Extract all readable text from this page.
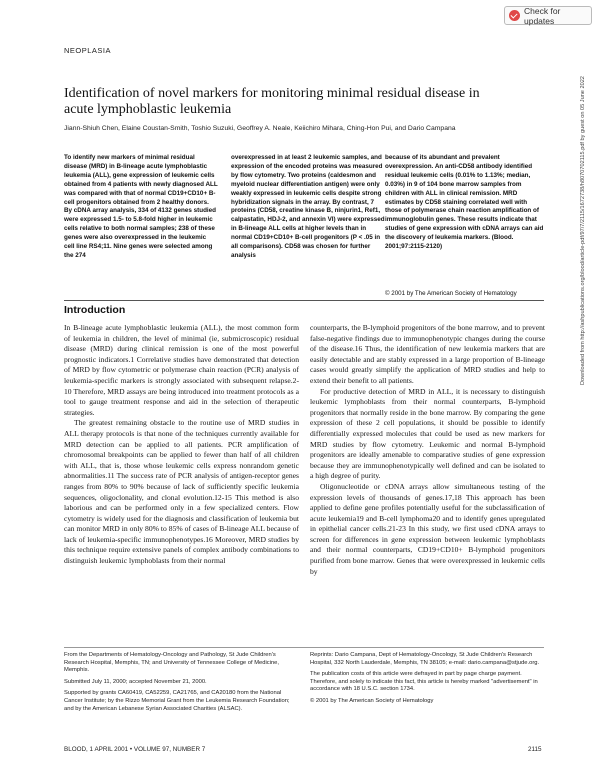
Check for updates
NEOPLASIA
Identification of novel markers for monitoring minimal residual disease in acute lymphoblastic leukemia
Jiann-Shiuh Chen, Elaine Coustan-Smith, Toshio Suzuki, Geoffrey A. Neale, Keiichiro Mihara, Ching-Hon Pui, and Dario Campana
To identify new markers of minimal residual disease (MRD) in B-lineage acute lymphoblastic leukemia (ALL), gene expression of leukemic cells obtained from 4 patients with newly diagnosed ALL was compared with that of normal CD19+CD10+ B-cell progenitors obtained from 2 healthy donors. By cDNA array analysis, 334 of 4132 genes studied were expressed 1.5- to 5.8-fold higher in leukemic cells relative to both normal samples; 238 of these genes were also overexpressed in the leukemic cell line RS4;11. Nine genes were selected among the 274
overexpressed in at least 2 leukemic samples, and expression of the encoded proteins was measured by flow cytometry. Two proteins (caldesmon and myeloid nuclear differentiation antigen) were only weakly expressed in leukemic cells despite strong hybridization signals in the array. By contrast, 7 proteins (CD58, creatine kinase B, ninjurin1, Ref1, calpastatin, HDJ-2, and annexin VI) were expressed in B-lineage ALL cells at higher levels than in normal CD19+CD10+ B-cell progenitors (P < .05 in all comparisons). CD58 was chosen for further analysis
because of its abundant and prevalent overexpression. An anti-CD58 antibody identified residual leukemic cells (0.01% to 1.13%; median, 0.03%) in 9 of 104 bone marrow samples from children with ALL in clinical remission. MRD estimates by CD58 staining correlated well with those of polymerase chain reaction amplification of immunoglobulin genes. These results indicate that studies of gene expression with cDNA arrays can aid the discovery of leukemia markers. (Blood. 2001;97:2115-2120)
© 2001 by The American Society of Hematology
Introduction

In B-lineage acute lymphoblastic leukemia (ALL), the most common form of leukemia in children, the level of minimal (ie, submicroscopic) residual disease (MRD) during clinical remission is one of the most powerful prognostic indicators.1 Correlative studies have demonstrated that detection of MRD by flow cytometric or polymerase chain reaction (PCR) analysis of leukemia-specific markers is strongly associated with subsequent relapse.2-10 Therefore, MRD assays are being introduced into treatment protocols as a tool to gauge treatment response and aid in the selection of therapeutic strategies.

The greatest remaining obstacle to the routine use of MRD studies in ALL therapy protocols is that none of the techniques currently available for MRD detection can be applied to all patients. PCR amplification of chromosomal breakpoints can be applied to fewer than half of all children with ALL, that is, those whose leukemic cells express nonrandom genetic abnormalities.11 The success rate of PCR analysis of antigen-receptor genes ranges from 80% to 90% because of lack of sufficiently specific leukemia sequences, oligoclonality, and clonal evolution.12-15 This method is also laborious and can be performed only in a few specialized centers. Flow cytometry is widely used for the diagnosis and classification of leukemia but can monitor MRD in only 80% to 85% of cases of B-lineage ALL because of lack of leukemia-specific immunophenotypes.16 Moreover, MRD studies by this technique require extensive panels of complex antibody combinations to distinguish leukemic lymphoblasts from their normal

counterparts, the B-lymphoid progenitors of the bone marrow, and to prevent false-negative findings due to immunophenotypic changes during the course of the disease.16 Thus, the identification of new leukemia markers that are easily detectable and are stably expressed in a large proportion of B-lineage cases would greatly simplify the application of MRD studies and help to extend their benefit to all patients.

For productive detection of MRD in ALL, it is necessary to distinguish leukemic lymphoblasts from their normal counterparts, B-lymphoid progenitors that normally reside in the bone marrow. By comparing the gene expression of these 2 cell populations, it should be possible to identify differentially expressed molecules that could be used as new markers for MRD studies by flow cytometry. Leukemic and normal B-lymphoid progenitors are ideally amenable to comparative studies of gene expression because they are immunophenotypically well defined and can be isolated to a high degree of purity.

Oligonucleotide or cDNA arrays allow simultaneous testing of the expression levels of thousands of genes.17,18 This approach has been applied to define gene profiles potentially useful for the subclassification of acute leukemia19 and B-cell lymphoma20 and to identify genes upregulated in epithelial cancer cells.21-23 In this study, we first used cDNA arrays to screen for differences in gene expression between leukemic lymphoblasts and their normal counterparts, CD19+CD10+ B-lymphoid progenitors purified from bone marrow. Genes that were overexpressed in leukemic cells by

From the Departments of Hematology-Oncology and Pathology, St Jude Children's Research Hospital, Memphis, TN; and University of Tennessee College of Medicine, Memphis.

Submitted July 11, 2000; accepted November 21, 2000.

Supported by grants CA60419, CA52259, CA21765, and CA20180 from the National Cancer Institute; by the Rizzo Memorial Grant from the Leukemia Research Foundation; and by the American Lebanese Syrian Associated Charities (ALSAC).

Reprints: Dario Campana, Dept of Hematology-Oncology, St Jude Children's Research Hospital, 332 North Lauderdale, Memphis, TN 38105; e-mail: dario.campana@stjude.org.

The publication costs of this article were defrayed in part by page charge payment. Therefore, and solely to indicate this fact, this article is hereby marked "advertisement" in accordance with 18 U.S.C. section 1734.

© 2001 by The American Society of Hematology

BLOOD, 1 APRIL 2001 • VOLUME 97, NUMBER 7	2115
Downloaded from http://ashpublications.org/blood/article-pdf/97/7/2115/1672738/h8070702115.pdf by guest on 05 June 2022
